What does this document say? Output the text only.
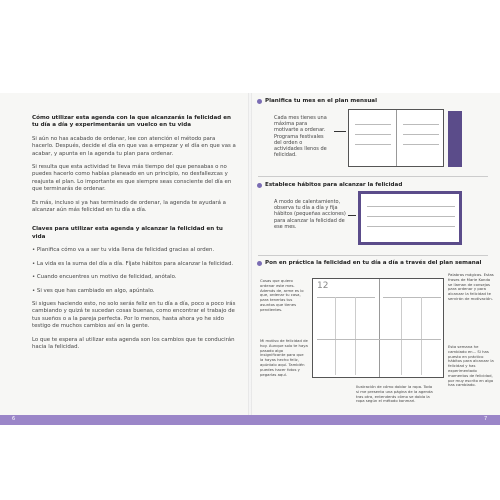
Cómo utilizar esta agenda con la que alcanzarás la felicidad en tu día a día y experimentarás un vuelco en tu vida

Si aún no has acabado de ordenar, lee con atención el método para hacerlo. Después, decide el día en que vas a empezar y el día en que vas a acabar, y apunta en la agenda tu plan para ordenar.

Si resulta que esta actividad te lleva más tiempo del que pensabas o no puedes hacerlo como habías planeado en un principio, no desfallezcas y reajusta el plan. Lo importante es que siempre seas consciente del día en que terminarás de ordenar.

Es más, incluso si ya has terminado de ordenar, la agenda te ayudará a alcanzar aún más felicidad en tu día a día.

Claves para utilizar esta agenda y alcanzar la felicidad en tu vida

• Planifica cómo va a ser tu vida llena de felicidad gracias al orden.

• La vida es la suma del día a día. Fíjate hábitos para alcanzar la felicidad.

• Cuando encuentres un motivo de felicidad, anótalo.

• Si ves que has cambiado en algo, apúntalo.

Si sigues haciendo esto, no solo serás feliz en tu día a día, poco a poco irás cambiando y quizá te sucedan cosas buenas, como encontrar el trabajo de tus sueños o a la pareja perfecta. Por lo menos, hasta ahora yo he sido testigo de muchos cambios así en la gente.

Lo que te espera al utilizar esta agenda son los cambios que te conducirán hacia la felicidad.

Planifica tu mes en el plan mensual
Cada mes tienes una máxima para motivarte a ordenar. Programa festivales del orden o actividades llenos de felicidad.
Establece hábitos para alcanzar la felicidad
A modo de calentamiento, observa tu día a día y fija hábitos (pequeñas acciones) para alcanzar la felicidad de ese mes.
Pon en práctica la felicidad en tu día a día a través del plan semanal
Cosas que quiero ordenar este mes. Además de, arme es lo que, ordenar tu casa, para tenerlas tus asuntos que tienes pendientes.
Palabras mágicas. Estas frases de Marie Kondo se llaman de consejos para ordenar y para alcanzar la felicidad te servirán de motivación.
Mi motivo de felicidad de hoy. Aunque solo te haya pasado algo insignificante para que la hayas hecho feliz, apúntalo aquí. También puedes hacer fotos y pegarlas aquí.
Ilustración de cómo doblar la ropa. Todo si me presenta una página de la agenda tras otra, entenderás cómo se dobla la ropa según el método konmari.
Esta semana he cambiado en... Si has puesto en práctico hábitos para alcanzar la felicidad y has experimentado momentos de felicidad, por muy escrito en algo has cambiado.
12
6	7
